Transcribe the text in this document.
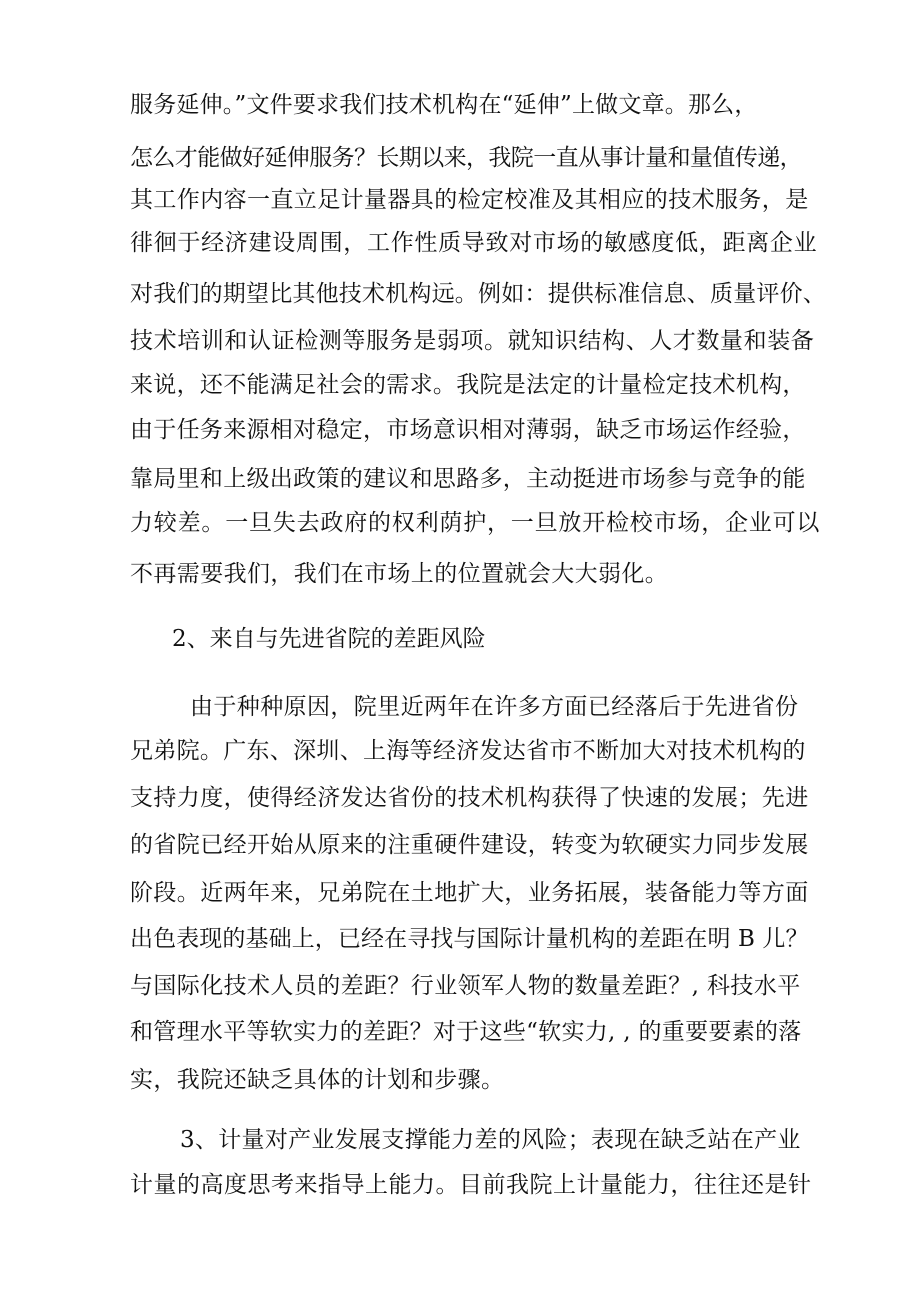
服务延伸。”文件要求我们技术机构在“延伸”上做文章。那么，
怎么才能做好延伸服务？长期以来，我院一直从事计量和量值传递，
其工作内容一直立足计量器具的检定校准及其相应的技术服务，是
徘徊于经济建设周围，工作性质导致对市场的敏感度低，距离企业
对我们的期望比其他技术机构远。例如：提供标准信息、质量评价、
技术培训和认证检测等服务是弱项。就知识结构、人才数量和装备
来说，还不能满足社会的需求。我院是法定的计量检定技术机构，
由于任务来源相对稳定，市场意识相对薄弱，缺乏市场运作经验，
靠局里和上级出政策的建议和思路多，主动挺进市场参与竞争的能
力较差。一旦失去政府的权利荫护，一旦放开检校市场，企业可以
不再需要我们，我们在市场上的位置就会大大弱化。
2、来自与先进省院的差距风险
由于种种原因，院里近两年在许多方面已经落后于先进省份
兄弟院。广东、深圳、上海等经济发达省市不断加大对技术机构的
支持力度，使得经济发达省份的技术机构获得了快速的发展；先进
的省院已经开始从原来的注重硬件建设，转变为软硬实力同步发展
阶段。近两年来，兄弟院在土地扩大，业务拓展，装备能力等方面
出色表现的基础上，已经在寻找与国际计量机构的差距在明 B 儿？
与国际化技术人员的差距？行业领军人物的数量差距？, 科技水平
和管理水平等软实力的差距？对于这些“软实力, , 的重要要素的落
实，我院还缺乏具体的计划和步骤。
3、计量对产业发展支撑能力差的风险；表现在缺乏站在产业
计量的高度思考来指导上能力。目前我院上计量能力，往往还是针
